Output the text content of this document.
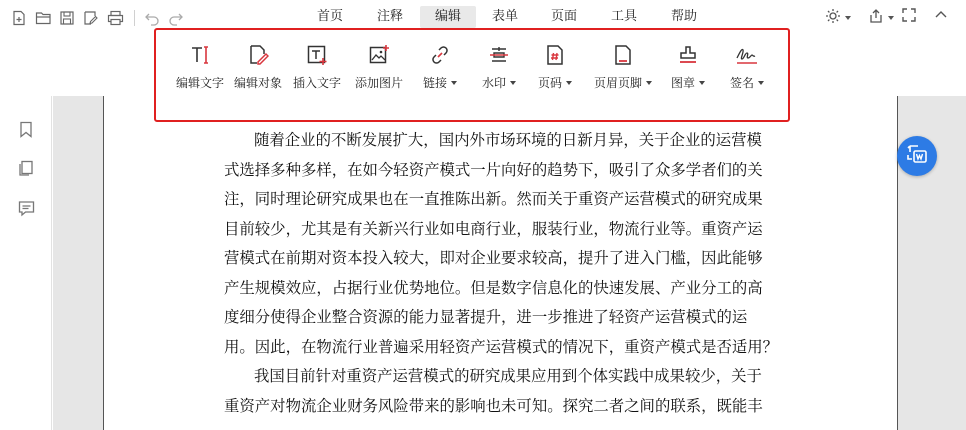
首页	注释	编辑	表单	页面	工具	帮助
随着企业的不断发展扩大，国内外市场环境的日新月异，关于企业的运营模
式选择多种多样，在如今轻资产模式一片向好的趋势下，吸引了众多学者们的关
注，同时理论研究成果也在一直推陈出新。然而关于重资产运营模式的研究成果
目前较少，尤其是有关新兴行业如电商行业，服装行业，物流行业等。重资产运
营模式在前期对资本投入较大，即对企业要求较高，提升了进入门槛，因此能够
产生规模效应，占据行业优势地位。但是数字信息化的快速发展、产业分工的高
度细分使得企业整合资源的能力显著提升，进一步推进了轻资产运营模式的运
用。因此，在物流行业普遍采用轻资产运营模式的情况下，重资产模式是否适用？
我国目前针对重资产运营模式的研究成果应用到个体实践中成果较少，关于
重资产对物流企业财务风险带来的影响也未可知。探究二者之间的联系，既能丰
编辑文字 编辑对象 插入文字 添加图片 链接	水印	页码	页眉页脚 图章	签名
